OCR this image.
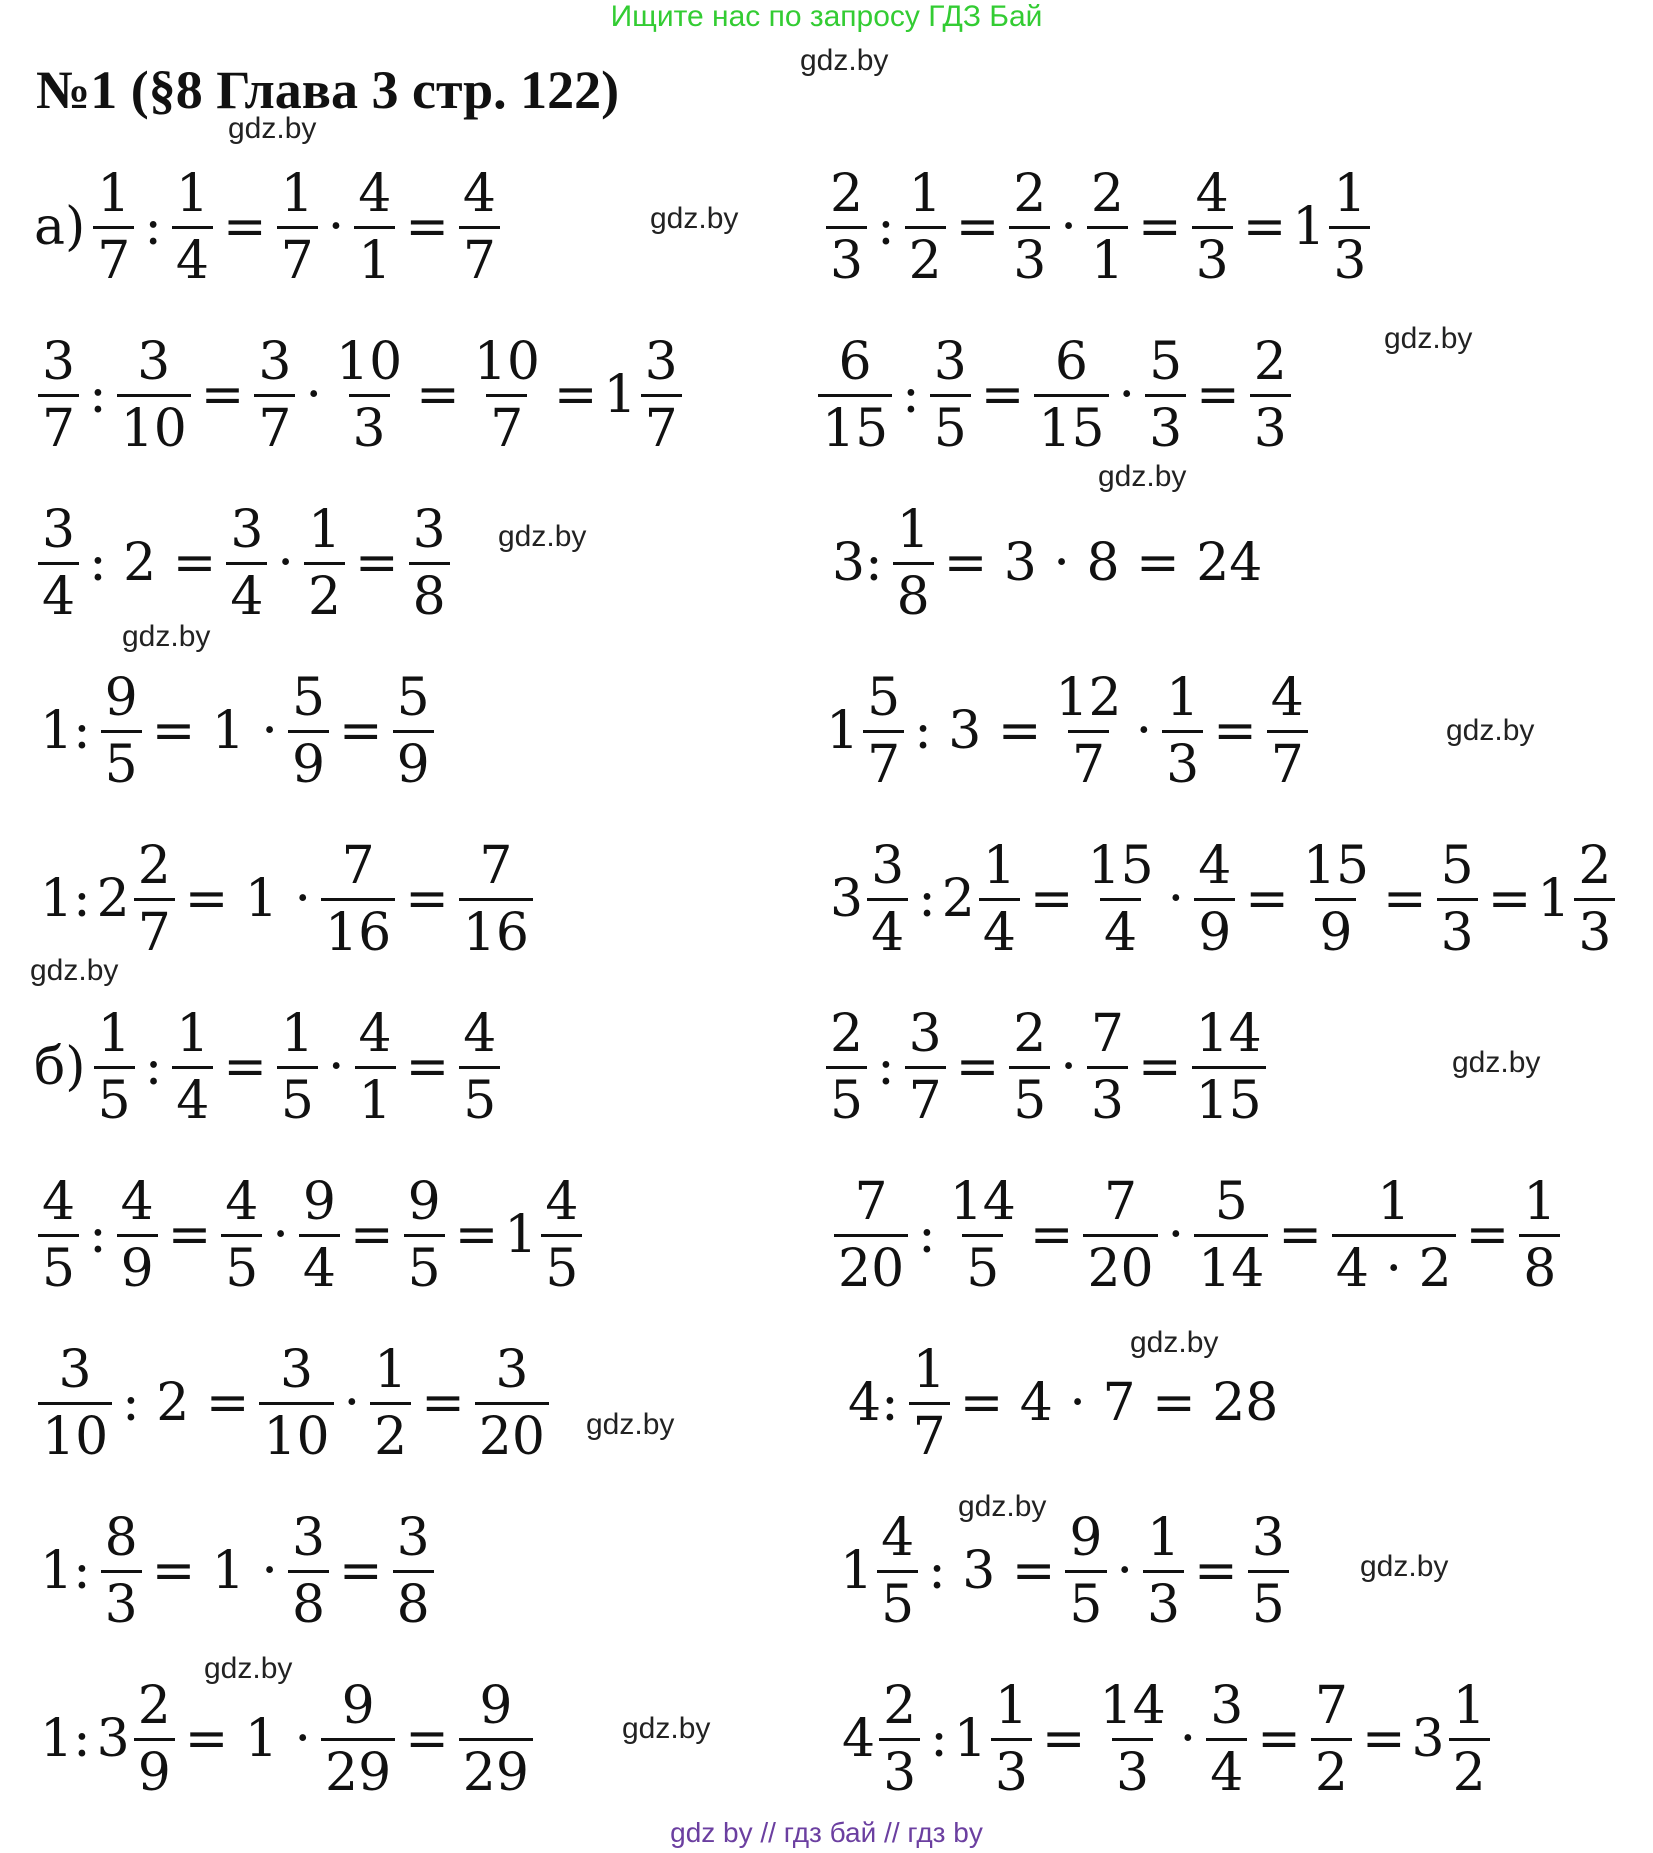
Ищите нас по запросу ГДЗ Бай
№1 (§8 Глава 3 стр. 122)	gdz.by
gdz.by
gdz.by
gdz.by
gdz.by
gdz.by
gdz.by
gdz.by
gdz.by
gdz.by
gdz.by
gdz.by
gdz.by
gdz.by
gdz.by
gdz.by
$а) \frac{1}{7}$ : $\frac{1}{4} = \frac{1}{7} \cdot \frac{4}{1} = \frac{4}{7}$	$\frac{2}{3}$ : $\frac{1}{2} = \frac{2}{3} \cdot \frac{2}{1} = \frac{4}{3} = 1 \frac{1}{3}$
$\frac{3}{7}$ : $\frac{3}{10} = \frac{3}{7} \cdot \frac{10}{3} = \frac{10}{7} = 1 \frac{3}{7}$	$\frac{6}{15}$ : $\frac{3}{5} = \frac{6}{15} \cdot \frac{5}{3} = \frac{2}{3}$
$\frac{3}{4}$ : $2 = \frac{3}{4} \cdot \frac{1}{2} = \frac{3}{8}$	3: $\frac{1}{8} = 3 \cdot 8 = 24$
1: $\frac{9}{5} = 1 \cdot \frac{5}{9} = \frac{5}{9}$	$1 \frac{5}{7}$ : $3 = \frac{12}{7} \cdot \frac{1}{3} = \frac{4}{7}$
1: $2 \frac{2}{7} = 1 \cdot \frac{7}{16} = \frac{7}{16}$	$3 \frac{3}{4}$ : $2 \frac{1}{4} = \frac{15}{4} \cdot \frac{4}{9} = \frac{15}{9} = \frac{5}{3} = 1 \frac{2}{3}$
$б) \frac{1}{5}$ : $\frac{1}{4} = \frac{1}{5} \cdot \frac{4}{1} = \frac{4}{5}$	$\frac{2}{5}$ : $\frac{3}{7} = \frac{2}{5} \cdot \frac{7}{3} = \frac{14}{15}$
$\frac{4}{5}$ : $\frac{4}{9} = \frac{4}{5} \cdot \frac{9}{4} = \frac{9}{5} = 1 \frac{4}{5}$	$\frac{7}{20}$ : $\frac{14}{5} = \frac{7}{20} \cdot \frac{5}{14} = \frac{1}{4 \cdot 2} = \frac{1}{8}$
$\frac{3}{10}$ : $2 = \frac{3}{10} \cdot \frac{1}{2} = \frac{3}{20}$	4: $\frac{1}{7} = 4 \cdot 7 = 28$
1: $\frac{8}{3} = 1 \cdot \frac{3}{8} = \frac{3}{8}$	$1 \frac{4}{5}$ : $3 = \frac{9}{5} \cdot \frac{1}{3} = \frac{3}{5}$
1: $3 \frac{2}{9} = 1 \cdot \frac{9}{29} = \frac{9}{29}$	$4 \frac{2}{3}$ : $1 \frac{1}{3} = \frac{14}{3} \cdot \frac{3}{4} = \frac{7}{2} = 3 \frac{1}{2}$
gdz by // гдз бай // гдз by
